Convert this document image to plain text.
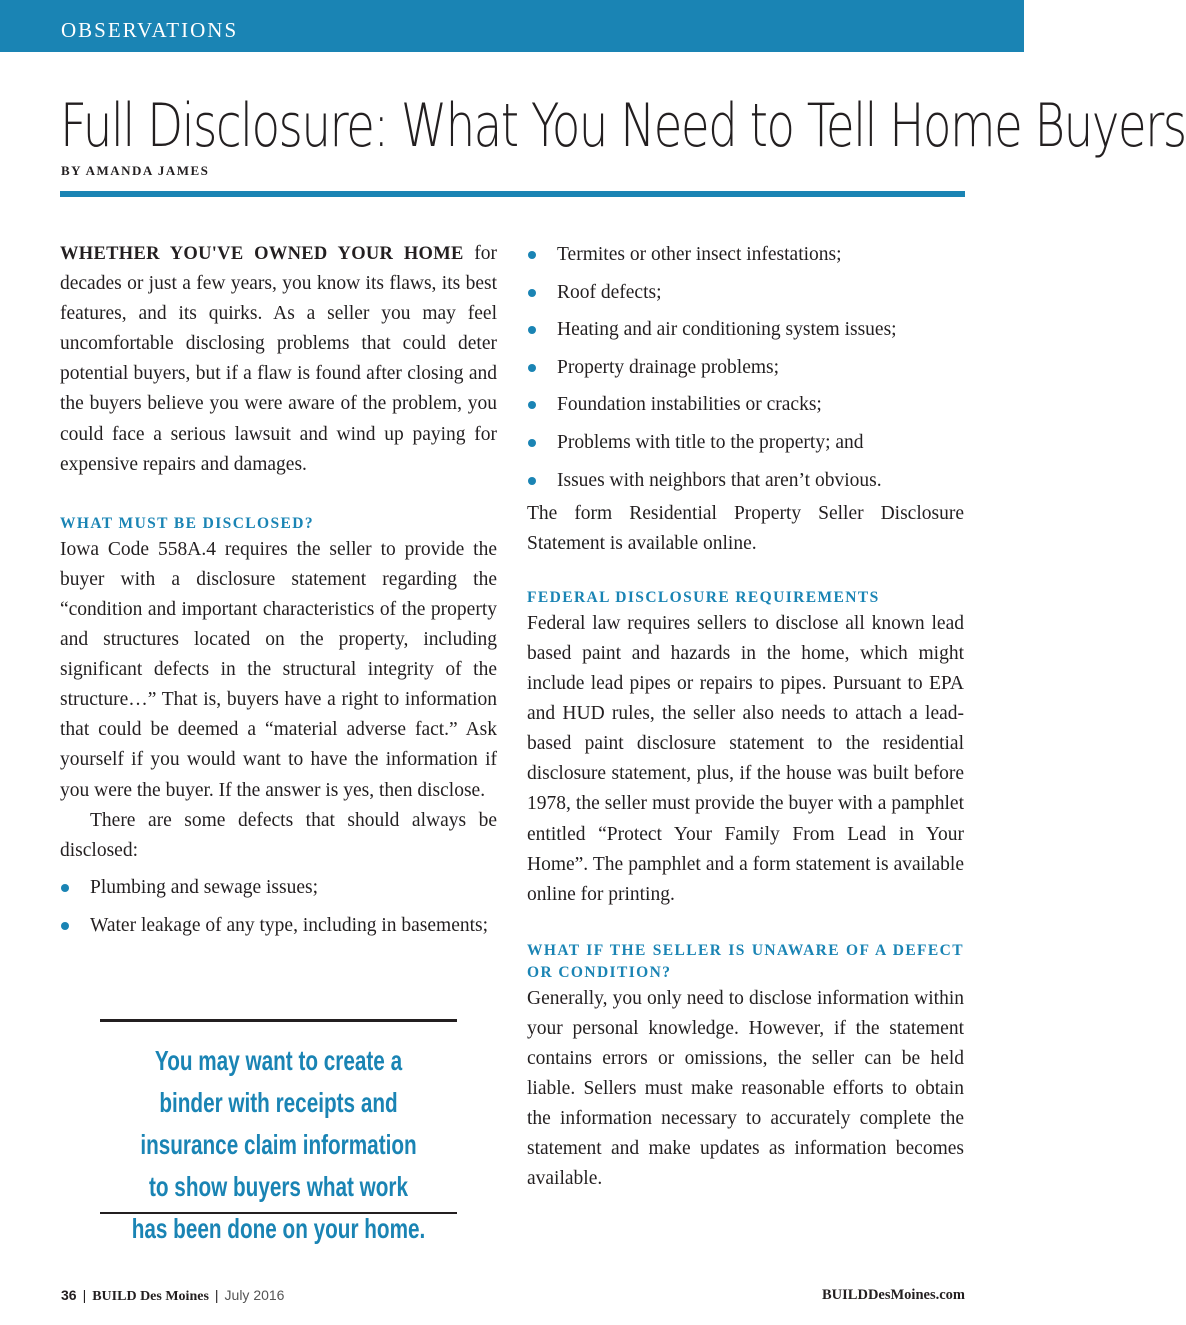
OBSERVATIONS
Full Disclosure: What You Need to Tell Home Buyers
BY AMANDA JAMES

WHETHER YOU'VE OWNED YOUR HOME for decades or just a few years, you know its flaws, its best features, and its quirks. As a seller you may feel uncomfortable disclosing problems that could deter potential buyers, but if a flaw is found after closing and the buyers believe you were aware of the problem, you could face a serious lawsuit and wind up paying for expensive repairs and damages.

WHAT MUST BE DISCLOSED?

Iowa Code 558A.4 requires the seller to provide the buyer with a disclosure statement regarding the “condition and important characteristics of the property and structures located on the property, including significant defects in the structural integrity of the structure…” That is, buyers have a right to information that could be deemed a “material adverse fact.” Ask yourself if you would want to have the information if you were the buyer. If the answer is yes, then disclose.

There are some defects that should always be disclosed:

Plumbing and sewage issues;
Water leakage of any type, including in basements;

You may want to create a binder with receipts and insurance claim information to show buyers what work has been done on your home.

Termites or other insect infestations;
Roof defects;
Heating and air conditioning system issues;
Property drainage problems;
Foundation instabilities or cracks;
Problems with title to the property; and
Issues with neighbors that aren’t obvious.

The form Residential Property Seller Disclosure Statement is available online.

FEDERAL DISCLOSURE REQUIREMENTS

Federal law requires sellers to disclose all known lead based paint and hazards in the home, which might include lead pipes or repairs to pipes. Pursuant to EPA and HUD rules, the seller also needs to attach a lead-based paint disclosure statement to the residential disclosure statement, plus, if the house was built before 1978, the seller must provide the buyer with a pamphlet entitled “Protect Your Family From Lead in Your Home”. The pamphlet and a form statement is available online for printing.

WHAT IF THE SELLER IS UNAWARE OF A DEFECT OR CONDITION?

Generally, you only need to disclose information within your personal knowledge. However, if the statement contains errors or omissions, the seller can be held liable. Sellers must make reasonable efforts to obtain the information necessary to accurately complete the statement and make updates as information becomes available.

36 | BUILD Des Moines | July 2016	BUILDDesMoines.com
